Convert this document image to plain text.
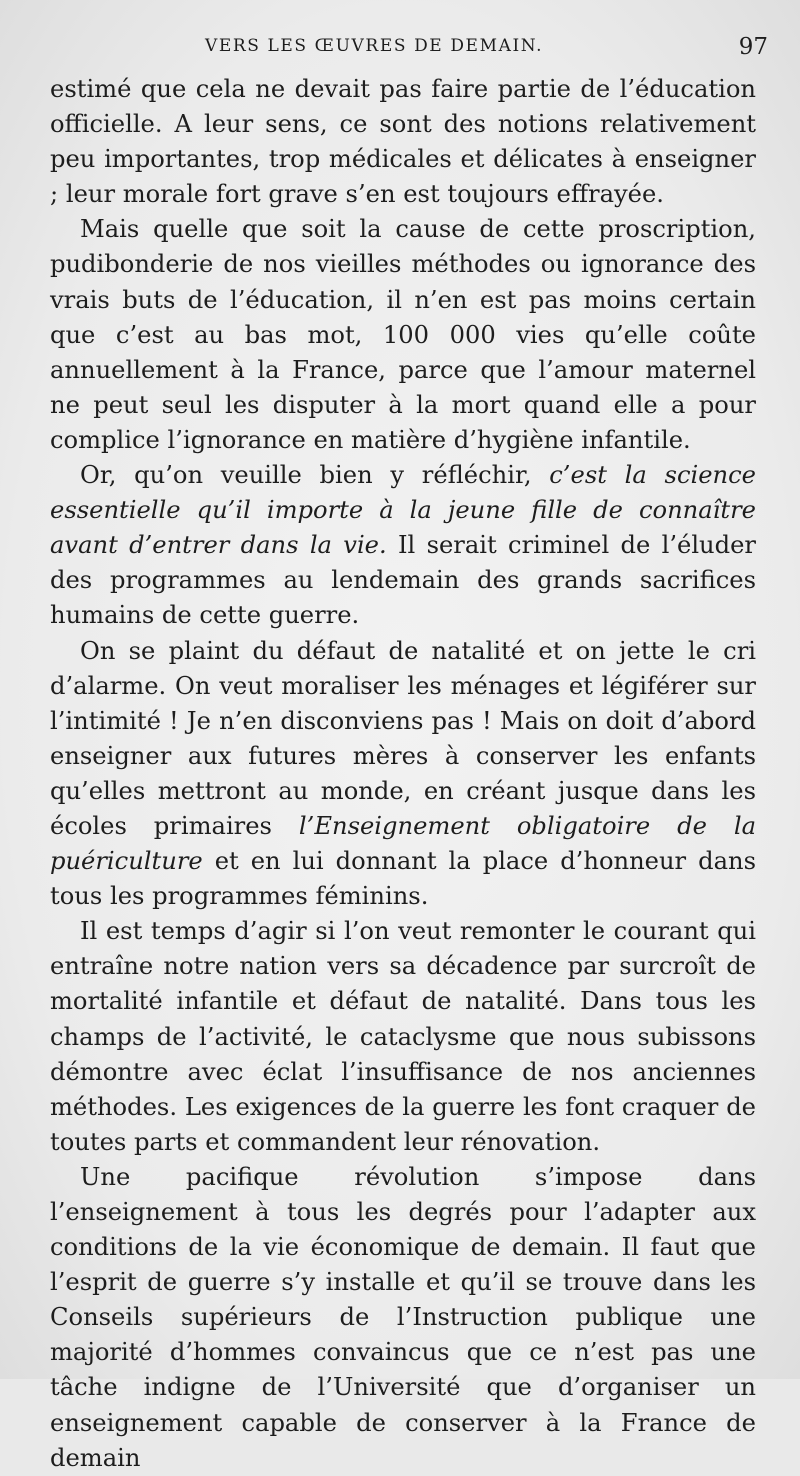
VERS LES ŒUVRES DE DEMAIN.	97

estimé que cela ne devait pas faire partie de l’éducation officielle. A leur sens, ce sont des notions relativement peu importantes, trop médicales et délicates à enseigner ; leur morale fort grave s’en est toujours effrayée.

Mais quelle que soit la cause de cette proscription, pudibonderie de nos vieilles méthodes ou ignorance des vrais buts de l’éducation, il n’en est pas moins certain que c’est au bas mot, 100 000 vies qu’elle coûte annuellement à la France, parce que l’amour maternel ne peut seul les disputer à la mort quand elle a pour complice l’ignorance en matière d’hygiène infantile.

Or, qu’on veuille bien y réfléchir, c’est la science essentielle qu’il importe à la jeune fille de connaître avant d’entrer dans la vie. Il serait criminel de l’éluder des programmes au lendemain des grands sacrifices humains de cette guerre.

On se plaint du défaut de natalité et on jette le cri d’alarme. On veut moraliser les ménages et légiférer sur l’intimité ! Je n’en disconviens pas ! Mais on doit d’abord enseigner aux futures mères à conserver les enfants qu’elles mettront au monde, en créant jusque dans les écoles primaires l’Enseignement obligatoire de la puériculture et en lui donnant la place d’honneur dans tous les programmes féminins.

Il est temps d’agir si l’on veut remonter le courant qui entraîne notre nation vers sa décadence par surcroît de mortalité infantile et défaut de natalité. Dans tous les champs de l’activité, le cataclysme que nous subissons démontre avec éclat l’insuffisance de nos anciennes méthodes. Les exigences de la guerre les font craquer de toutes parts et commandent leur rénovation.

Une pacifique révolution s’impose dans l’enseignement à tous les degrés pour l’adapter aux conditions de la vie économique de demain. Il faut que l’esprit de guerre s’y installe et qu’il se trouve dans les Conseils supérieurs de l’Instruction publique une majorité d’hommes convaincus que ce n’est pas une tâche indigne de l’Université que d’organiser un enseignement capable de conserver à la France de demain
